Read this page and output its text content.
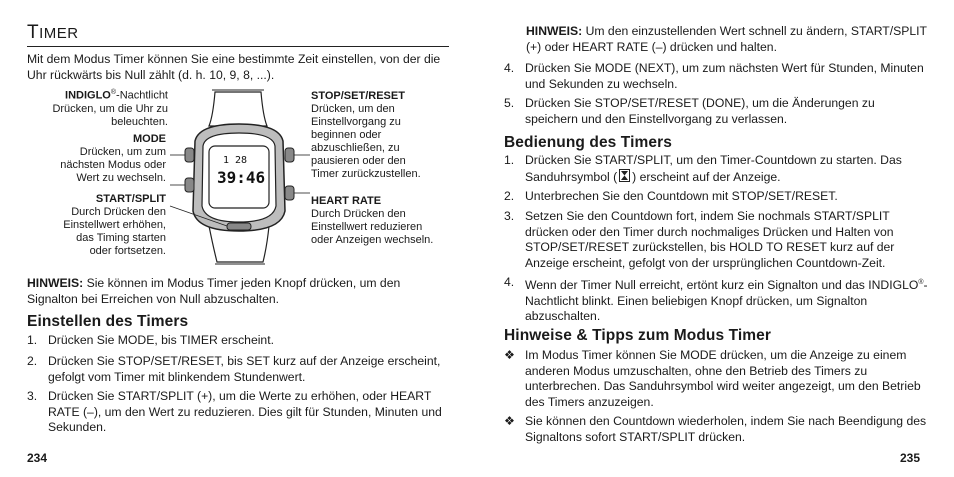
TIMER
Mit dem Modus Timer können Sie eine bestimmte Zeit einstellen, von der die Uhr rückwärts bis Null zählt (d. h. 10, 9, 8, ...).
INDIGLO®-Nachtlicht
Drücken, um die Uhr zu beleuchten.
MODE
Drücken, um zum nächsten Modus oder Wert zu wechseln.
START/SPLIT
Durch Drücken den Einstellwert erhöhen, das Timing starten oder fortsetzen.
STOP/SET/RESET
Drücken, um den Einstellvorgang zu beginnen oder abzuschließen, zu pausieren oder den Timer zurückzustellen.
HEART RATE
Durch Drücken den Einstellwert reduzieren oder Anzeigen wechseln.
1 28
39:46
HINWEIS: Sie können im Modus Timer jeden Knopf drücken, um den Signalton bei Erreichen von Null abzuschalten.
Einstellen des Timers
1. Drücken Sie MODE, bis TIMER erscheint.
2. Drücken Sie STOP/SET/RESET, bis SET kurz auf der Anzeige erscheint, gefolgt vom Timer mit blinkendem Stundenwert.
3. Drücken Sie START/SPLIT (+), um die Werte zu erhöhen, oder HEART RATE (–), um den Wert zu reduzieren. Dies gilt für Stunden, Minuten und Sekunden.
234
HINWEIS: Um den einzustellenden Wert schnell zu ändern, START/SPLIT (+) oder HEART RATE (–) drücken und halten.
4. Drücken Sie MODE (NEXT), um zum nächsten Wert für Stunden, Minuten und Sekunden zu wechseln.
5. Drücken Sie STOP/SET/RESET (DONE), um die Änderungen zu speichern und den Einstellvorgang zu verlassen.
Bedienung des Timers
1. Drücken Sie START/SPLIT, um den Timer-Countdown zu starten. Das Sanduhrsymbol ( ) erscheint auf der Anzeige.
2. Unterbrechen Sie den Countdown mit STOP/SET/RESET.
3. Setzen Sie den Countdown fort, indem Sie nochmals START/SPLIT drücken oder den Timer durch nochmaliges Drücken und Halten von STOP/SET/RESET zurückstellen, bis HOLD TO RESET kurz auf der Anzeige erscheint, gefolgt von der ursprünglichen Countdown-Zeit.
4. Wenn der Timer Null erreicht, ertönt kurz ein Signalton und das INDIGLO®-Nachtlicht blinkt. Einen beliebigen Knopf drücken, um Signalton abzuschalten.
Hinweise & Tipps zum Modus Timer
❖ Im Modus Timer können Sie MODE drücken, um die Anzeige zu einem anderen Modus umzuschalten, ohne den Betrieb des Timers zu unterbrechen. Das Sanduhrsymbol wird weiter angezeigt, um den Betrieb des Timers anzuzeigen.
❖ Sie können den Countdown wiederholen, indem Sie nach Beendigung des Signaltons sofort START/SPLIT drücken.
235
